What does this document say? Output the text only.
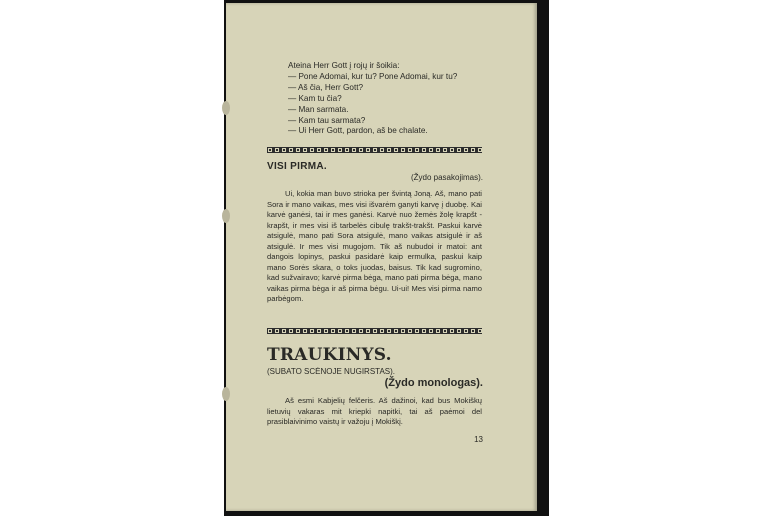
Ateina Herr Gott į rojų ir šoikia:
— Pone Adomai, kur tu? Pone Adomai, kur tu?
— Aš čia, Herr Gott?
— Kam tu čia?
— Man sarmata.
— Kam tau sarmata?
— Ui Herr Gott, pardon, aš be chalate.
VISI PIRMA.
(Žydo pasakojimas).

Ui, kokia man buvo strioka per švintą Joną. Aš, mano pati Sora ir mano vaikas, mes visi išvarėm ganyti karvę į duobę. Kai karvė ganėsi, tai ir mes ganėsi. Karvė nuo žemės žolę krapšt - krapšt, ir mes visi iš tarbelės cibulę trakšt-trakšt. Paskui karvė atsigulė, mano pati Sora atsigulė, mano vaikas atsigulė ir aš atsigulė. Ir mes visi mugojom. Tik aš nubudoi ir matoi: ant dangois lopinys, paskui pasidarė kaip ermulka, paskui kaip mano Sorės skara, o toks juodas, baisus. Tik kad sugromino, kad sužvairavo; karvė pirma bėga, mano pati pirma bėga, mano vaikas pirma bėga ir aš pirma bėgu. Ui-ui! Mes visi pirma namo parbėgom.

TRAUKINYS.
(SUBATO SCĖNOJE NUGIRSTAS).
(Žydo monologas).

Aš esmi Kabjelių felčeris. Aš dažinoi, kad bus Mokiškų lietuvių vakaras mit kriepki napitki, tai aš paėmoi del prasiblaivinimo vaistų ir važoju į Mokiškį.

13
